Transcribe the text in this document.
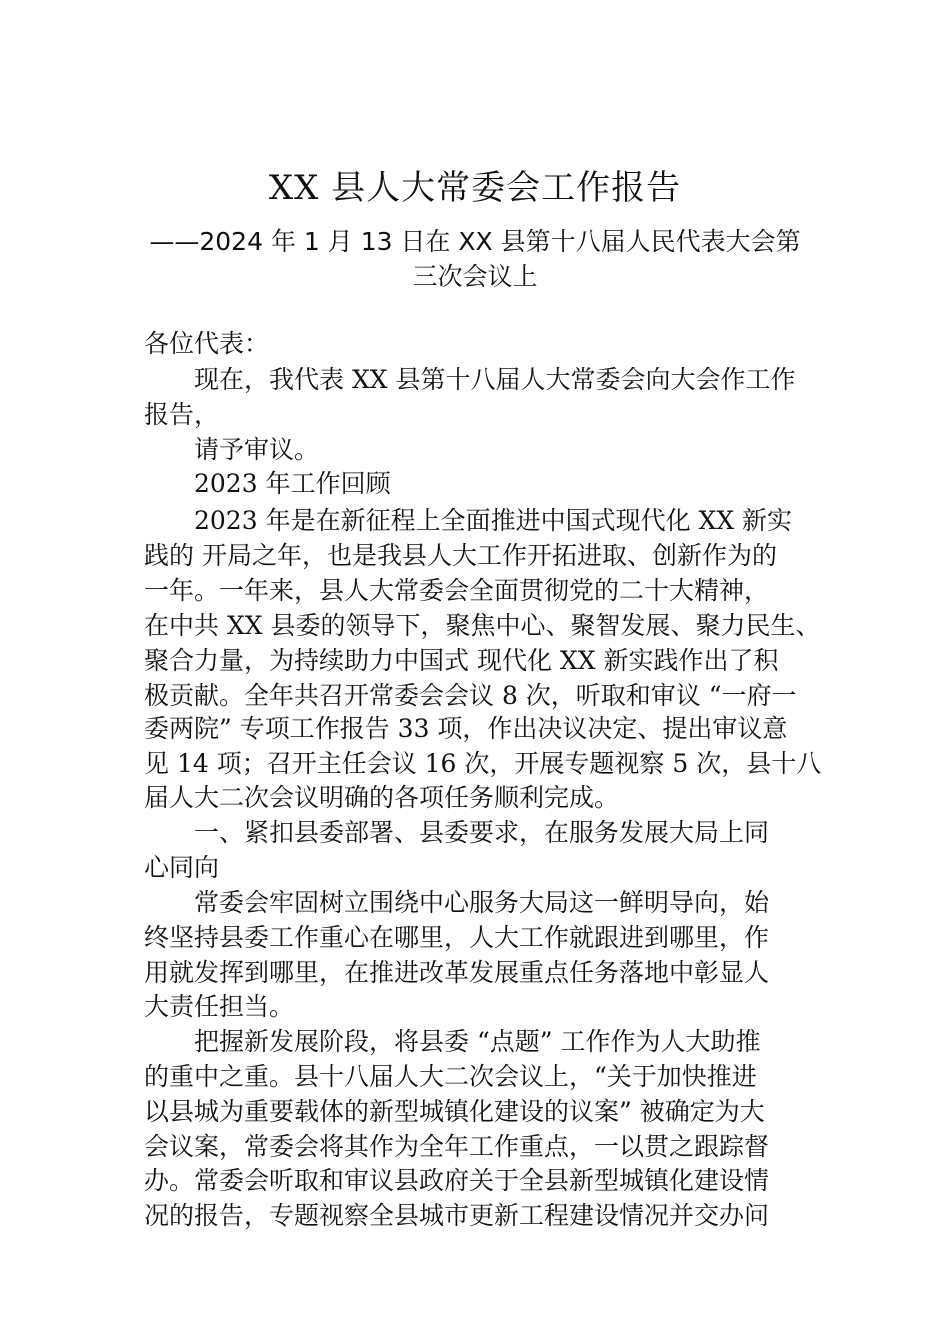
XX 县人大常委会工作报告
——2024 年 1 月 13 日在 XX 县第十八届人民代表大会第
三次会议上
各位代表：
现在，我代表 XX 县第十八届人大常委会向大会作工作
报告，
请予审议。
2023 年工作回顾
2023 年是在新征程上全面推进中国式现代化 XX 新实
践的 开局之年，也是我县人大工作开拓进取、创新作为的
一年。一年来，县人大常委会全面贯彻党的二十大精神，
在中共 XX 县委的领导下，聚焦中心、聚智发展、聚力民生、
聚合力量，为持续助力中国式 现代化 XX 新实践作出了积
极贡献。全年共召开常委会会议 8 次，听取和审议 “一府一
委两院” 专项工作报告 33 项，作出决议决定、提出审议意
见 14 项；召开主任会议 16 次，开展专题视察 5 次，县十八
届人大二次会议明确的各项任务顺利完成。
一、紧扣县委部署、县委要求，在服务发展大局上同
心同向
常委会牢固树立围绕中心服务大局这一鲜明导向，始
终坚持县委工作重心在哪里，人大工作就跟进到哪里，作
用就发挥到哪里，在推进改革发展重点任务落地中彰显人
大责任担当。
把握新发展阶段，将县委 “点题” 工作作为人大助推
的重中之重。县十八届人大二次会议上，“关于加快推进
以县城为重要载体的新型城镇化建设的议案” 被确定为大
会议案，常委会将其作为全年工作重点，一以贯之跟踪督
办。常委会听取和审议县政府关于全县新型城镇化建设情
况的报告，专题视察全县城市更新工程建设情况并交办问
